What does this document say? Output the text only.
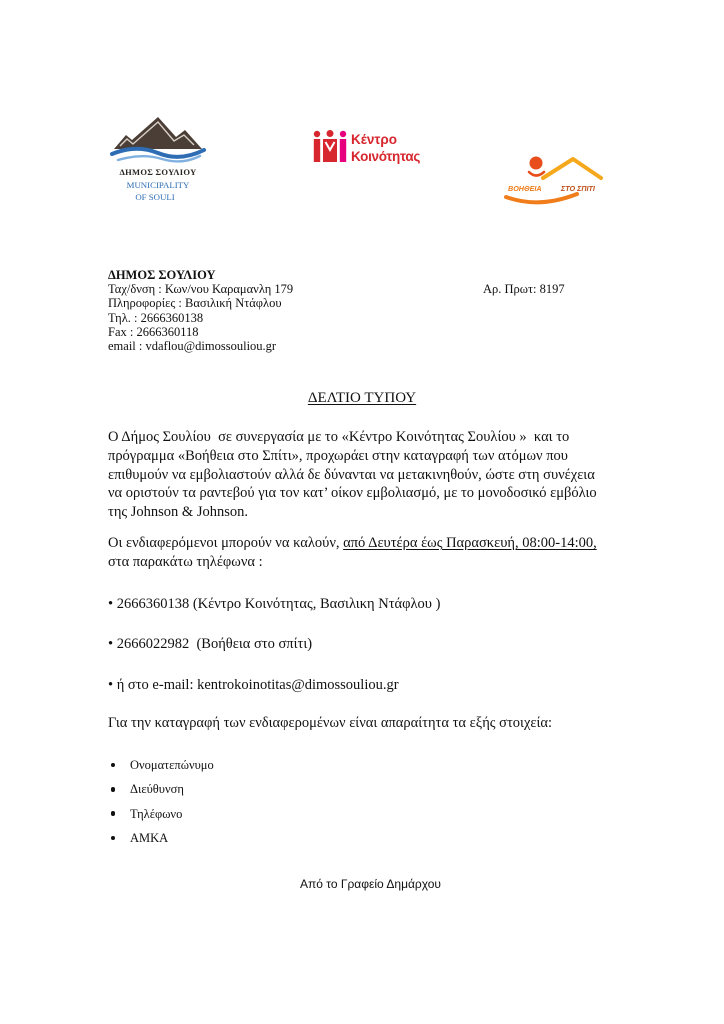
ΔΗΜΟΣ ΣΟΥΛΙΟΥ
MUNICIPALITY
OF SOULI
Κέντρο
Κοινότητας
ΒΟΗΘΕΙΑ	ΣΤΟ ΣΠΙΤΙ
ΔΗΜΟΣ ΣΟΥΛΙΟΥ
Ταχ/δνση : Κων/νου Καραμανλη 179
Πληροφορίες : Βασιλική Ντάφλου
Τηλ. : 2666360138
Fax : 2666360118
email : vdaflou@dimossouliou.gr
Αρ. Πρωτ: 8197
ΔΕΛΤΙΟ ΤΥΠΟΥ
Ο Δήμος Σουλίου  σε συνεργασία με το «Κέντρο Κοινότητας Σουλίου »  και το
πρόγραμμα «Βοήθεια στο Σπίτι», προχωράει στην καταγραφή των ατόμων που
επιθυμούν να εμβολιαστούν αλλά δε δύνανται να μετακινηθούν, ώστε στη συνέχεια
να οριστούν τα ραντεβού για τον κατ’ οίκον εμβολιασμό, με το μονοδοσικό εμβόλιο
της Johnson & Johnson.
Οι ενδιαφερόμενοι μπορούν να καλούν, από Δευτέρα έως Παρασκευή, 08:00-14:00,
στα παρακάτω τηλέφωνα :
• 2666360138 (Κέντρο Κοινότητας, Βασιλικη Ντάφλου )
• 2666022982  (Βοήθεια στο σπίτι)
• ή στο e-mail: kentrokoinotitas@dimossouliou.gr
Για την καταγραφή των ενδιαφερομένων είναι απαραίτητα τα εξής στοιχεία:
Ονοματεπώνυμο
Διεύθυνση
Τηλέφωνο
ΑΜΚΑ
Από το Γραφείο Δημάρχου
